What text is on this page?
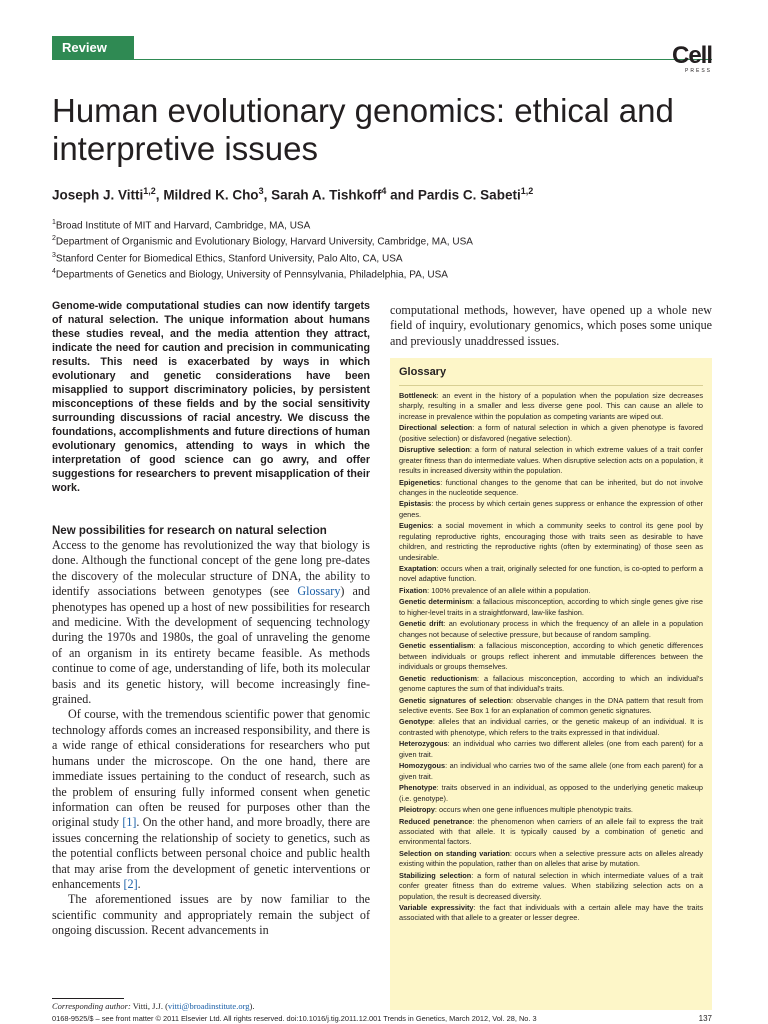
Review	Cell
PRESS
Human evolutionary genomics: ethical and interpretive issues
Joseph J. Vitti$^{1,2}$, Mildred K. Cho$^3$, Sarah A. Tishkoff$^4$ and Pardis C. Sabeti$^{1,2}$
$^1$Broad Institute of MIT and Harvard, Cambridge, MA, USA
$^2$Department of Organismic and Evolutionary Biology, Harvard University, Cambridge, MA, USA
$^3$Stanford Center for Biomedical Ethics, Stanford University, Palo Alto, CA, USA
$^4$Departments of Genetics and Biology, University of Pennsylvania, Philadelphia, PA, USA
Genome-wide computational studies can now identify targets of natural selection. The unique information about humans these studies reveal, and the media attention they attract, indicate the need for caution and precision in communicating results. This need is exacerbated by ways in which evolutionary and genetic considerations have been misapplied to support discriminatory policies, by persistent misconceptions of these fields and by the social sensitivity surrounding discussions of racial ancestry. We discuss the foundations, accomplishments and future directions of human evolutionary genomics, attending to ways in which the interpretation of good science can go awry, and offer suggestions for researchers to prevent misapplication of their work.
New possibilities for research on natural selection

Access to the genome has revolutionized the way that biology is done. Although the functional concept of the gene long pre-dates the discovery of the molecular structure of DNA, the ability to identify associations between genotypes (see Glossary) and phenotypes has opened up a host of new possibilities for research and medicine. With the development of sequencing technology during the 1970s and 1980s, the goal of unraveling the genome of an organism in its entirety became feasible. As methods continue to come of age, understanding of life, both its molecular basis and its genetic history, will become increasingly fine-grained.

Of course, with the tremendous scientific power that genomic technology affords comes an increased responsibility, and there is a wide range of ethical considerations for researchers who put humans under the microscope. On the one hand, there are immediate issues pertaining to the conduct of research, such as the problem of ensuring fully informed consent when genetic information can often be reused for purposes other than the original study [1]. On the other hand, and more broadly, there are issues concerning the relationship of society to genetics, such as the potential conflicts between personal choice and public health that may arise from the development of genetic interventions or enhancements [2].

The aforementioned issues are by now familiar to the scientific community and appropriately remain the subject of ongoing discussion. Recent advancements in

computational methods, however, have opened up a whole new field of inquiry, evolutionary genomics, which poses some unique and previously unaddressed issues.
Glossary
Bottleneck: an event in the history of a population when the population size decreases sharply, resulting in a smaller and less diverse gene pool. This can cause an allele to increase in prevalence within the population as competing variants are wiped out.
Directional selection: a form of natural selection in which a given phenotype is favored (positive selection) or disfavored (negative selection).
Disruptive selection: a form of natural selection in which extreme values of a trait confer greater fitness than do intermediate values. When disruptive selection acts on a population, it results in increased diversity within the population.
Epigenetics: functional changes to the genome that can be inherited, but do not involve changes in the nucleotide sequence.
Epistasis: the process by which certain genes suppress or enhance the expression of other genes.
Eugenics: a social movement in which a community seeks to control its gene pool by regulating reproductive rights, encouraging those with traits seen as desirable to have children, and restricting the reproductive rights (often by exterminating) of those seen as undesirable.
Exaptation: occurs when a trait, originally selected for one function, is co-opted to perform a novel adaptive function.
Fixation: 100% prevalence of an allele within a population.
Genetic determinism: a fallacious misconception, according to which single genes give rise to higher-level traits in a straightforward, law-like fashion.
Genetic drift: an evolutionary process in which the frequency of an allele in a population changes not because of selective pressure, but because of random sampling.
Genetic essentialism: a fallacious misconception, according to which genetic differences between individuals or groups reflect inherent and immutable differences between the individuals or groups themselves.
Genetic reductionism: a fallacious misconception, according to which an individual's genome captures the sum of that individual's traits.
Genetic signatures of selection: observable changes in the DNA pattern that result from selective events. See Box 1 for an explanation of common genetic signatures.
Genotype: alleles that an individual carries, or the genetic makeup of an individual. It is contrasted with phenotype, which refers to the traits expressed in that individual.
Heterozygous: an individual who carries two different alleles (one from each parent) for a given trait.
Homozygous: an individual who carries two of the same allele (one from each parent) for a given trait.
Phenotype: traits observed in an individual, as opposed to the underlying genetic makeup (i.e. genotype).
Pleiotropy: occurs when one gene influences multiple phenotypic traits.
Reduced penetrance: the phenomenon when carriers of an allele fail to express the trait associated with that allele. It is typically caused by a combination of genetic and environmental factors.
Selection on standing variation: occurs when a selective pressure acts on alleles already existing within the population, rather than on alleles that arise by mutation.
Stabilizing selection: a form of natural selection in which intermediate values of a trait confer greater fitness than do extreme values. When stabilizing selection acts on a population, the result is decreased diversity.
Variable expressivity: the fact that individuals with a certain allele may have the traits associated with that allele to a greater or lesser degree.
Corresponding author: Vitti, J.J. (vitti@broadinstitute.org).
0168-9525/$ – see front matter © 2011 Elsevier Ltd. All rights reserved. doi:10.1016/j.tig.2011.12.001 Trends in Genetics, March 2012, Vol. 28, No. 3	137
